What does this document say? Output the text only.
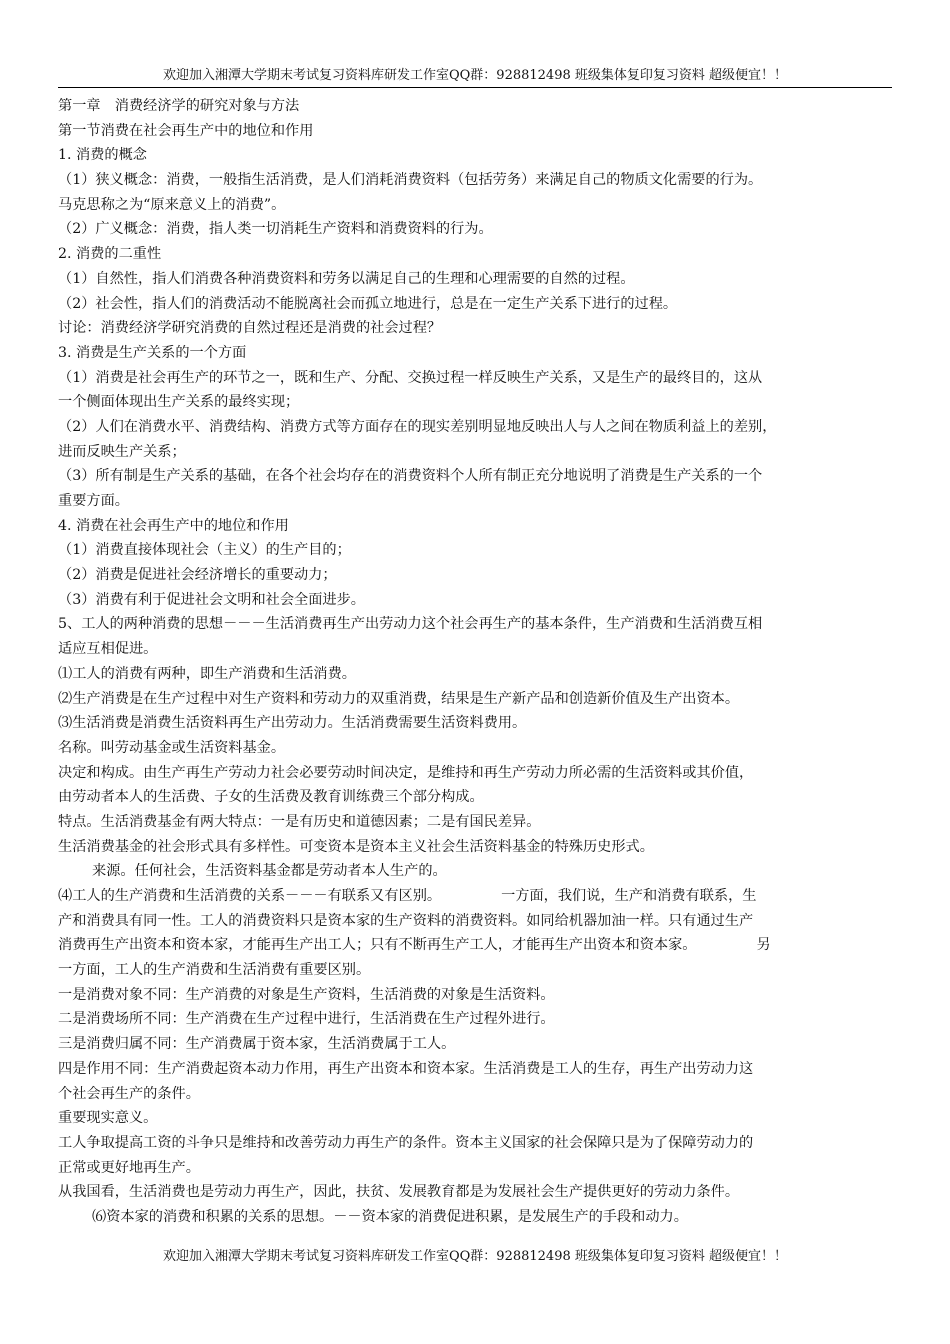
欢迎加入湘潭大学期末考试复习资料库研发工作室QQ群：928812498 班级集体复印复习资料 超级便宜！！
第一章　消费经济学的研究对象与方法
第一节消费在社会再生产中的地位和作用
1. 消费的概念
（1）狭义概念：消费，一般指生活消费，是人们消耗消费资料（包括劳务）来满足自己的物质文化需要的行为。
马克思称之为“原来意义上的消费”。
（2）广义概念：消费，指人类一切消耗生产资料和消费资料的行为。
2. 消费的二重性
（1）自然性，指人们消费各种消费资料和劳务以满足自己的生理和心理需要的自然的过程。
（2）社会性，指人们的消费活动不能脱离社会而孤立地进行，总是在一定生产关系下进行的过程。
讨论：消费经济学研究消费的自然过程还是消费的社会过程？
3. 消费是生产关系的一个方面
（1）消费是社会再生产的环节之一，既和生产、分配、交换过程一样反映生产关系，又是生产的最终目的，这从
一个侧面体现出生产关系的最终实现；
（2）人们在消费水平、消费结构、消费方式等方面存在的现实差别明显地反映出人与人之间在物质利益上的差别，
进而反映生产关系；
（3）所有制是生产关系的基础，在各个社会均存在的消费资料个人所有制正充分地说明了消费是生产关系的一个
重要方面。
4. 消费在社会再生产中的地位和作用
（1）消费直接体现社会（主义）的生产目的；
（2）消费是促进社会经济增长的重要动力；
（3）消费有利于促进社会文明和社会全面进步。
5、工人的两种消费的思想－－－生活消费再生产出劳动力这个社会再生产的基本条件，生产消费和生活消费互相
适应互相促进。
⑴工人的消费有两种，即生产消费和生活消费。
⑵生产消费是在生产过程中对生产资料和劳动力的双重消费，结果是生产新产品和创造新价值及生产出资本。
⑶生活消费是消费生活资料再生产出劳动力。生活消费需要生活资料费用。
名称。叫劳动基金或生活资料基金。
决定和构成。由生产再生产劳动力社会必要劳动时间决定，是维持和再生产劳动力所必需的生活资料或其价值，
由劳动者本人的生活费、子女的生活费及教育训练费三个部分构成。
特点。生活消费基金有两大特点：一是有历史和道德因素；二是有国民差异。
生活消费基金的社会形式具有多样性。可变资本是资本主义社会生活资料基金的特殊历史形式。
来源。任何社会，生活资料基金都是劳动者本人生产的。
⑷工人的生产消费和生活消费的关系－－－有联系又有区别。	一方面，我们说，生产和消费有联系，生
产和消费具有同一性。工人的消费资料只是资本家的生产资料的消费资料。如同给机器加油一样。只有通过生产
消费再生产出资本和资本家，才能再生产出工人；只有不断再生产工人，才能再生产出资本和资本家。	另
一方面，工人的生产消费和生活消费有重要区别。
一是消费对象不同：生产消费的对象是生产资料，生活消费的对象是生活资料。
二是消费场所不同：生产消费在生产过程中进行，生活消费在生产过程外进行。
三是消费归属不同：生产消费属于资本家，生活消费属于工人。
四是作用不同：生产消费起资本动力作用，再生产出资本和资本家。生活消费是工人的生存，再生产出劳动力这
个社会再生产的条件。
重要现实意义。
工人争取提高工资的斗争只是维持和改善劳动力再生产的条件。资本主义国家的社会保障只是为了保障劳动力的
正常或更好地再生产。
从我国看，生活消费也是劳动力再生产，因此，扶贫、发展教育都是为发展社会生产提供更好的劳动力条件。
⑹资本家的消费和积累的关系的思想。－－资本家的消费促进积累，是发展生产的手段和动力。
欢迎加入湘潭大学期末考试复习资料库研发工作室QQ群：928812498 班级集体复印复习资料 超级便宜！！
